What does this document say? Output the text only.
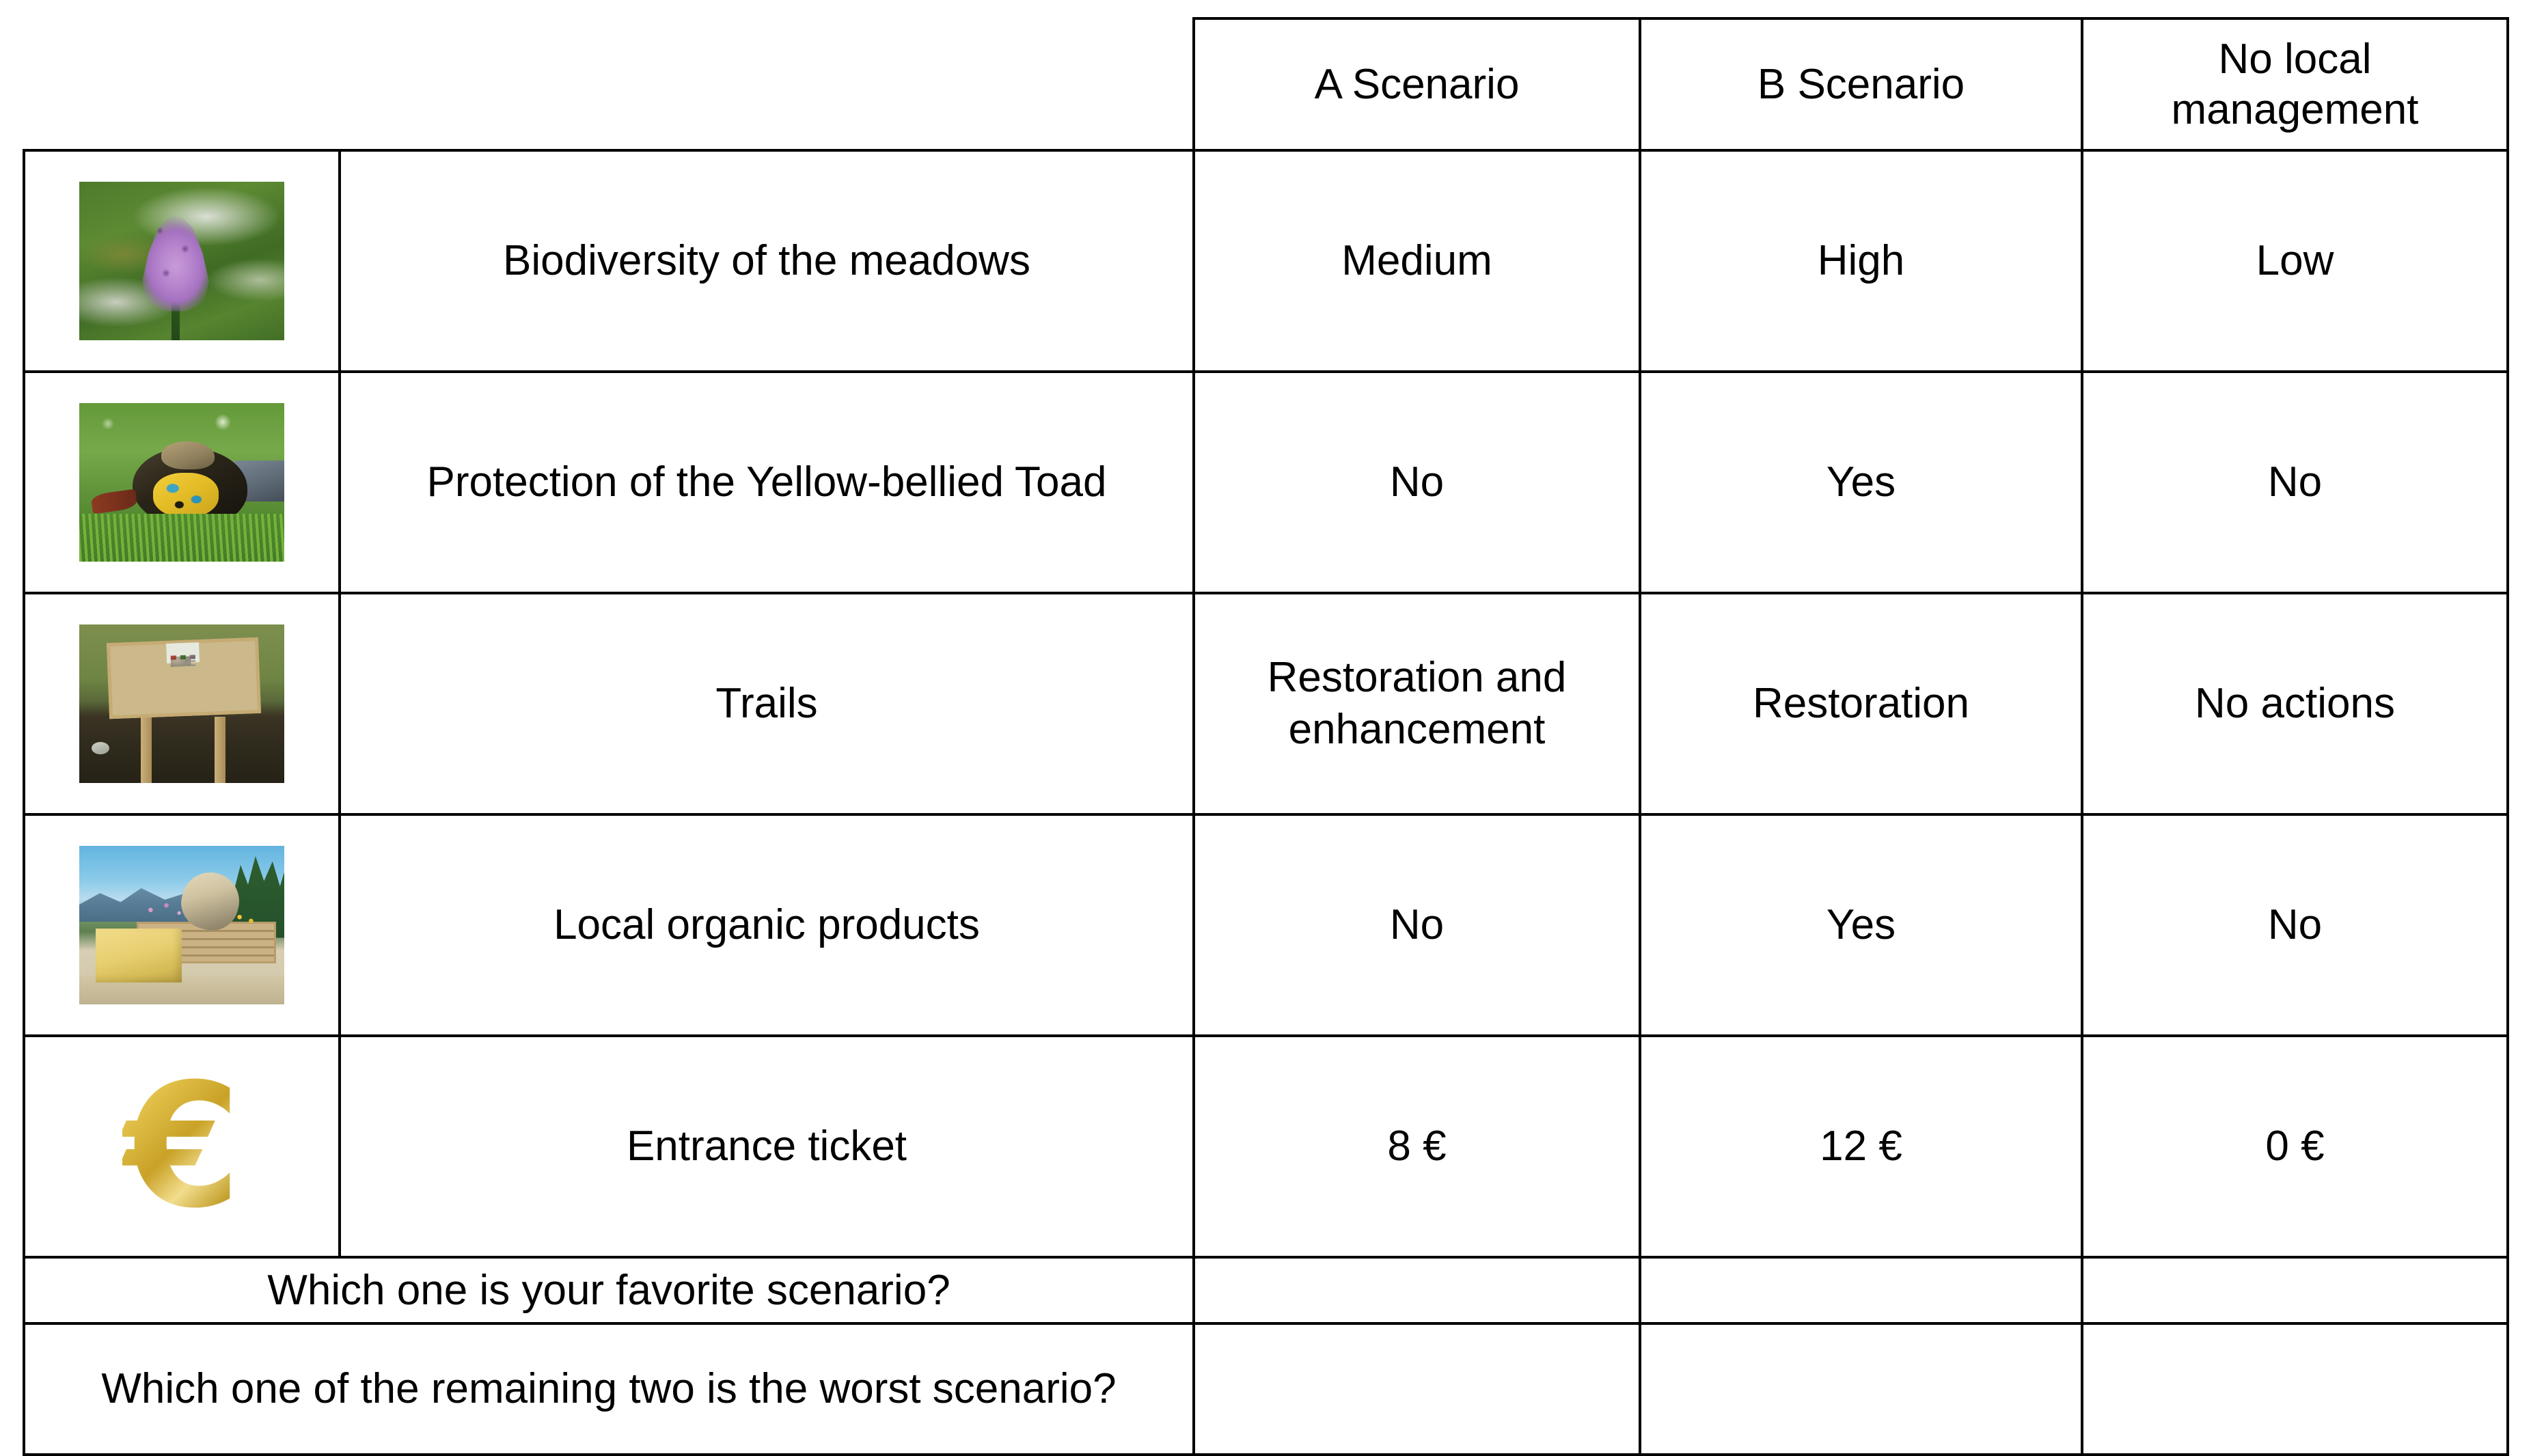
		A Scenario	B Scenario	No local management

	Biodiversity of the meadows	Medium	High	Low

	Protection of the Yellow-bellied Toad	No	Yes	No

	Trails	Restoration and enhancement	Restoration	No actions

	Local organic products	No	Yes	No

€	Entrance ticket	8 €	12 €	0 €

Which one is your favorite scenario?				

Which one of the remaining two is the worst scenario?				
